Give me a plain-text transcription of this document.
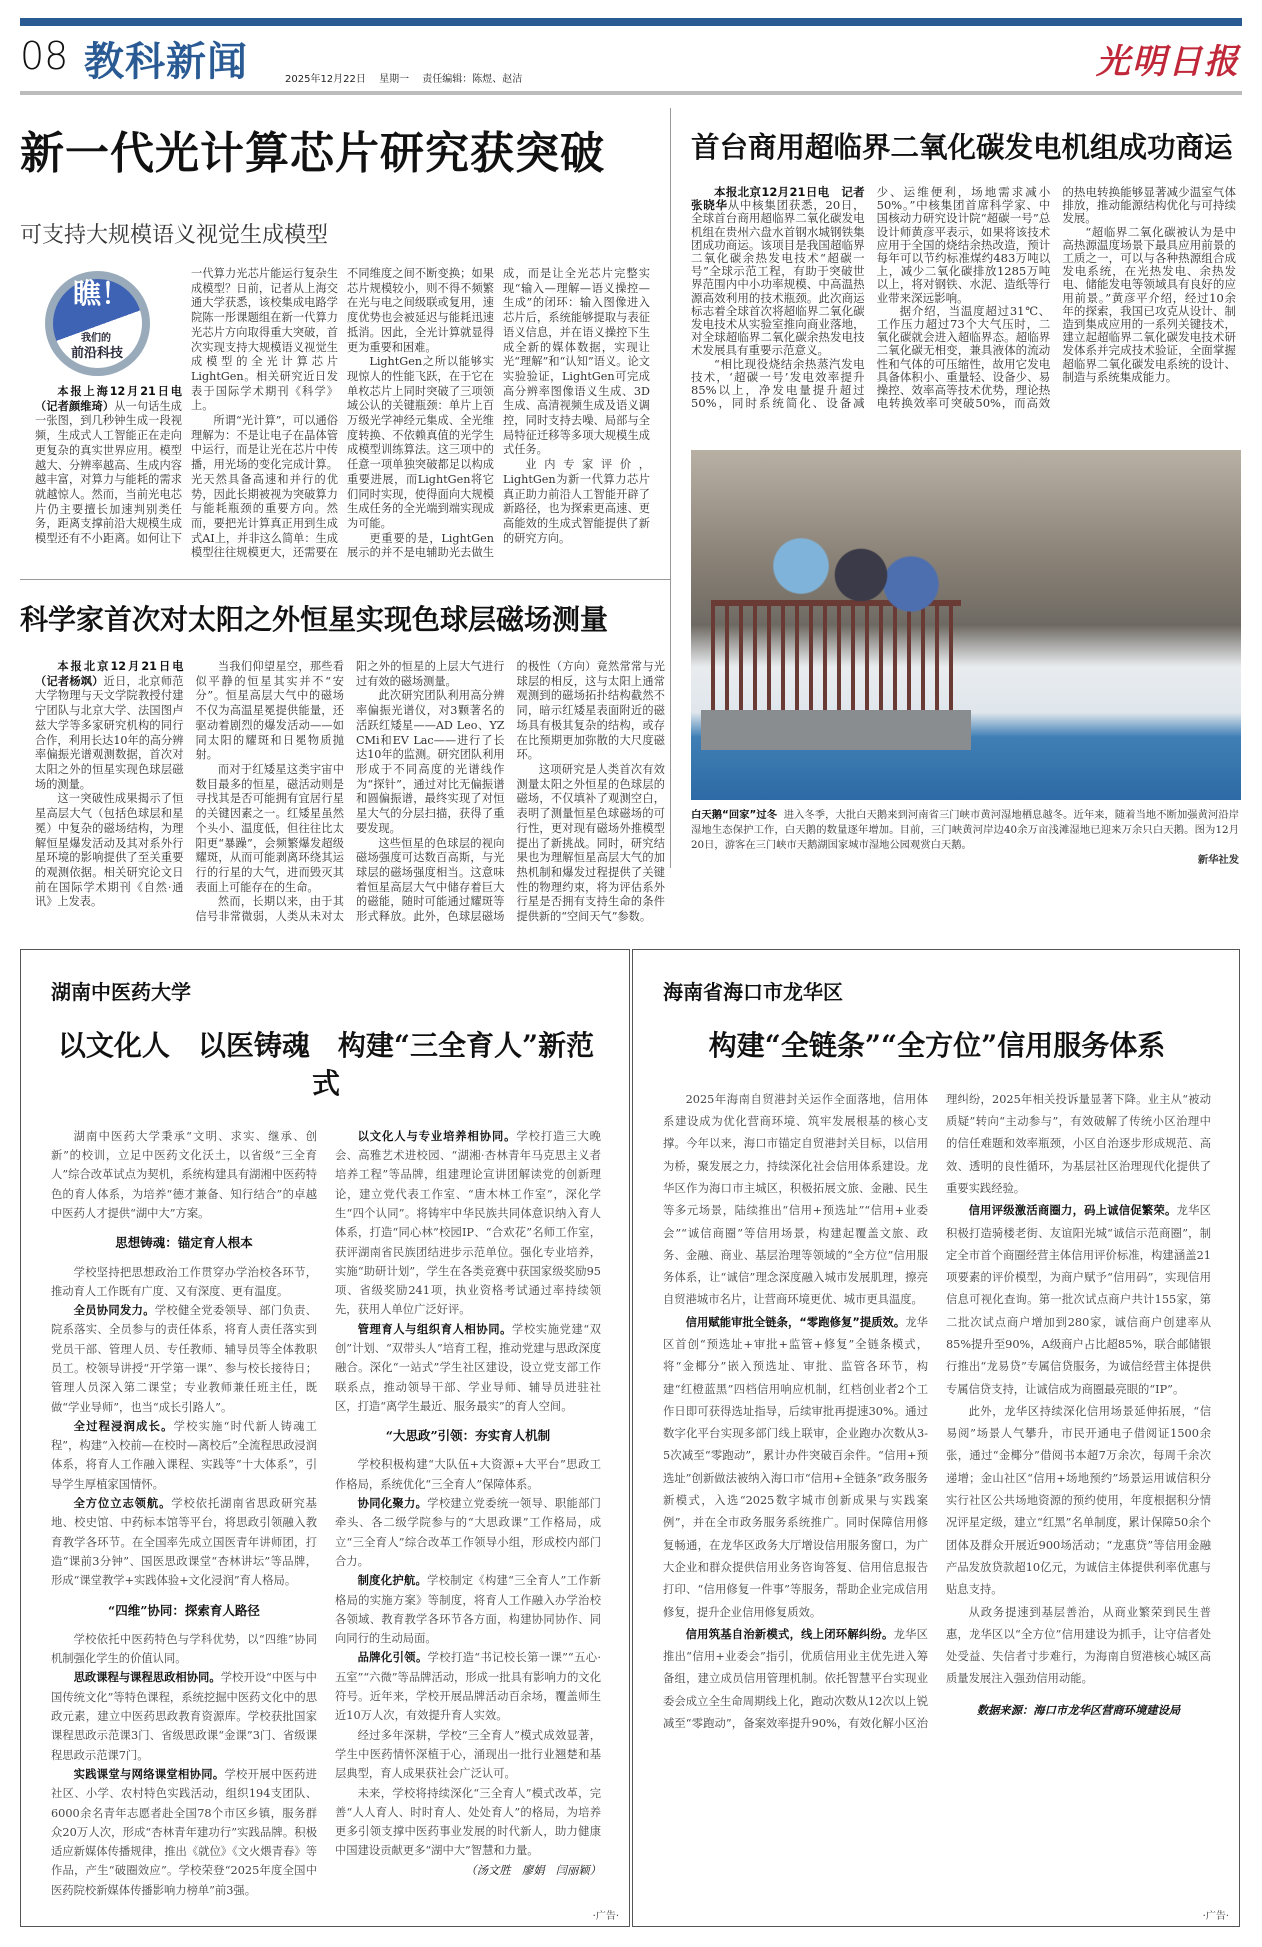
08 教科新闻	2025年12月22日 星期一 责任编辑：陈煜、赵洁	光明日报
新一代光计算芯片研究获突破
可支持大规模语义视觉生成模型
瞧！
我们的
前沿科技

本报上海12月21日电（记者颜维琦）从一句话生成一张图，到几秒钟生成一段视频，生成式人工智能正在走向更复杂的真实世界应用。模型越大、分辨率越高、生成内容越丰富，对算力与能耗的需求就越惊人。然而，当前光电芯片仍主要擅长加速判别类任务，距离支撑前沿大规模生成模型还有不小距离。如何让下一代算力光芯片能运行复杂生成模型？日前，记者从上海交通大学获悉，该校集成电路学院陈一彤课题组在新一代算力光芯片方向取得重大突破，首次实现支持大规模语义视觉生成模型的全光计算芯片LightGen。相关研究近日发表于国际学术期刊《科学》上。

所谓“光计算”，可以通俗理解为：不是让电子在晶体管中运行，而是让光在芯片中传播，用光场的变化完成计算。光天然具备高速和并行的优势，因此长期被视为突破算力与能耗瓶颈的重要方向。然而，要把光计算真正用到生成式AI上，并非这么简单：生成模型往往规模更大，还需要在不同维度之间不断变换；如果芯片规模较小，则不得不频繁在光与电之间级联或复用，速度优势也会被延迟与能耗迅速抵消。因此，全光计算就显得更为重要和困难。

LightGen之所以能够实现惊人的性能飞跃，在于它在单枚芯片上同时突破了三项领域公认的关键瓶颈：单片上百万级光学神经元集成、全光维度转换、不依赖真值的光学生成模型训练算法。这三项中的任意一项单独突破都足以构成重要进展，而LightGen将它们同时实现，使得面向大规模生成任务的全光端到端实现成为可能。

更重要的是，LightGen展示的并不是电辅助光去做生成，而是让全光芯片完整实现“输入—理解—语义操控—生成”的闭环：输入图像进入芯片后，系统能够提取与表征语义信息，并在语义操控下生成全新的媒体数据，实现让光“理解”和“认知”语义。论文实验验证，LightGen可完成高分辨率图像语义生成、3D生成、高清视频生成及语义调控，同时支持去噪、局部与全局特征迁移等多项大规模生成式任务。

业内专家评价，LightGen为新一代算力芯片真正助力前沿人工智能开辟了新路径，也为探索更高速、更高能效的生成式智能提供了新的研究方向。

科学家首次对太阳之外恒星实现色球层磁场测量

本报北京12月21日电（记者杨飒）近日，北京师范大学物理与天文学院教授付建宁团队与北京大学、法国图卢兹大学等多家研究机构的同行合作，利用长达10年的高分辨率偏振光谱观测数据，首次对太阳之外的恒星实现色球层磁场的测量。

这一突破性成果揭示了恒星高层大气（包括色球层和星冕）中复杂的磁场结构，为理解恒星爆发活动及其对系外行星环境的影响提供了至关重要的观测依据。相关研究论文日前在国际学术期刊《自然·通讯》上发表。

当我们仰望星空，那些看似平静的恒星其实并不“安分”。恒星高层大气中的磁场不仅为高温星冕提供能量，还驱动着剧烈的爆发活动——如同太阳的耀斑和日冕物质抛射。

而对于红矮星这类宇宙中数目最多的恒星，磁活动则是寻找其是否可能拥有宜居行星的关键因素之一。红矮星虽然个头小、温度低，但往往比太阳更“暴躁”，会频繁爆发超级耀斑，从而可能剥离环绕其运行的行星的大气，进而毁灭其表面上可能存在的生命。

然而，长期以来，由于其信号非常微弱，人类从未对太阳之外的恒星的上层大气进行过有效的磁场测量。

此次研究团队利用高分辨率偏振光谱仪，对3颗著名的活跃红矮星——AD Leo、YZ CMi和EV Lac——进行了长达10年的监测。研究团队利用形成于不同高度的光谱线作为“探针”，通过对比无偏振谱和圆偏振谱，最终实现了对恒星大气的分层扫描，获得了重要发现。

这些恒星的色球层的视向磁场强度可达数百高斯，与光球层的磁场强度相当。这意味着恒星高层大气中储存着巨大的磁能，随时可能通过耀斑等形式释放。此外，色球层磁场的极性（方向）竟然常常与光球层的相反，这与太阳上通常观测到的磁场拓扑结构截然不同，暗示红矮星表面附近的磁场具有极其复杂的结构，或存在比预期更加弥散的大尺度磁环。

这项研究是人类首次有效测量太阳之外恒星的色球层的磁场，不仅填补了观测空白，表明了测量恒星色球磁场的可行性，更对现有磁场外推模型提出了新挑战。同时，研究结果也为理解恒星高层大气的加热机制和爆发过程提供了关键性的物理约束，将为评估系外行星是否拥有支持生命的条件提供新的“空间天气”参数。

首台商用超临界二氧化碳发电机组成功商运

本报北京12月21日电　记者张晓华从中核集团获悉，20日，全球首台商用超临界二氧化碳发电机组在贵州六盘水首钢水城钢铁集团成功商运。该项目是我国超临界二氧化碳余热发电技术“超碳一号”全球示范工程，有助于突破世界范围内中小功率规模、中高温热源高效利用的技术瓶颈。此次商运标志着全球首次将超临界二氧化碳发电技术从实验室推向商业落地，对全球超临界二氧化碳余热发电技术发展具有重要示范意义。

“相比现役烧结余热蒸汽发电技术，‘超碳一号’发电效率提升85%以上，净发电量提升超过50%，同时系统简化、设备减少、运维便利，场地需求减小50%。”中核集团首席科学家、中国核动力研究设计院“超碳一号”总设计师黄彦平表示，如果将该技术应用于全国的烧结余热改造，预计每年可以节约标准煤约483万吨以上，减少二氧化碳排放1285万吨以上，将对钢铁、水泥、造纸等行业带来深远影响。

据介绍，当温度超过31℃、工作压力超过73个大气压时，二氧化碳就会进入超临界态。超临界二氧化碳无相变，兼具液体的流动性和气体的可压缩性，故用它发电具备体积小、重量轻、设备少、易操控、效率高等技术优势，理论热电转换效率可突破50%，而高效的热电转换能够显著减少温室气体排放，推动能源结构优化与可持续发展。

“超临界二氧化碳被认为是中高热源温度场景下最具应用前景的工质之一，可以与各种热源组合成发电系统，在光热发电、余热发电、储能发电等领域具有良好的应用前景。”黄彦平介绍，经过10余年的探索，我国已攻克从设计、制造到集成应用的一系列关键技术，建立起超临界二氧化碳发电技术研发体系并完成技术验证，全面掌握超临界二氧化碳发电系统的设计、制造与系统集成能力。

白天鹅“回家”过冬 进入冬季，大批白天鹅来到河南省三门峡市黄河湿地栖息越冬。近年来，随着当地不断加强黄河沿岸湿地生态保护工作，白天鹅的数量逐年增加。目前，三门峡黄河岸边40余万亩浅滩湿地已迎来万余只白天鹅。图为12月20日，游客在三门峡市天鹅湖国家城市湿地公园观赏白天鹅。
新华社发
湖南中医药大学
以文化人　以医铸魂　构建“三全育人”新范式

湖南中医药大学秉承“文明、求实、继承、创新”的校训，立足中医药文化沃土，以省级“三全育人”综合改革试点为契机，系统构建具有湖湘中医药特色的育人体系，为培养“德才兼备、知行结合”的卓越中医药人才提供“湖中大”方案。

思想铸魂：锚定育人根本

学校坚持把思想政治工作贯穿办学治校各环节，推动育人工作既有广度、又有深度、更有温度。

全员协同发力。学校健全党委领导、部门负责、院系落实、全员参与的责任体系，将育人责任落实到党员干部、管理人员、专任教师、辅导员等全体教职员工。校领导讲授“开学第一课”、参与校长接待日；管理人员深入第二课堂；专业教师兼任班主任，既做“学业导师”，也当“成长引路人”。

全过程浸润成长。学校实施“时代新人铸魂工程”，构建“入校前—在校时—离校后”全流程思政浸润体系，将育人工作融入课程、实践等“十大体系”，引导学生厚植家国情怀。

全方位立志领航。学校依托湖南省思政研究基地、校史馆、中药标本馆等平台，将思政引领融入教育教学各环节。在全国率先成立国医青年讲师团，打造“课前3分钟”、国医思政课堂“杏林讲坛”等品牌，形成“课堂教学+实践体验+文化浸润”育人格局。

“四维”协同：探索育人路径

学校依托中医药特色与学科优势，以“四维”协同机制强化学生的价值认同。

思政课程与课程思政相协同。学校开设“中医与中国传统文化”等特色课程，系统挖掘中医药文化中的思政元素，建立中医药思政教育资源库。学校获批国家课程思政示范课3门、省级思政课“金课”3门、省级课程思政示范课7门。

实践课堂与网络课堂相协同。学校开展中医药进社区、小学、农村特色实践活动，组织194支团队、6000余名青年志愿者赴全国78个市区乡镇，服务群众20万人次，形成“杏林青年建功行”实践品牌。积极适应新媒体传播规律，推出《就位》《文火煨青春》等作品，产生“破圈效应”。学校荣登“2025年度全国中医药院校新媒体传播影响力榜单”前3强。

以文化人与专业培养相协同。学校打造三大晚会、高雅艺术进校园、“湖湘·杏林青年马克思主义者培养工程”等品牌，组建理论宣讲团解读党的创新理论，建立党代表工作室、“唐木林工作室”，深化学生“四个认同”。将铸牢中华民族共同体意识纳入育人体系，打造“同心林”校园IP、“合欢花”名师工作室，获评湖南省民族团结进步示范单位。强化专业培养，实施“助研计划”，学生在各类竞赛中获国家级奖励95项、省级奖励241项，执业资格考试通过率持续领先，获用人单位广泛好评。

管理育人与组织育人相协同。学校实施党建“双创”计划、“双带头人”培育工程，推动党建与思政深度融合。深化“一站式”学生社区建设，设立党支部工作联系点，推动领导干部、学业导师、辅导员进驻社区，打造“离学生最近、服务最实”的育人空间。

“大思政”引领：夯实育人机制

学校积极构建“大队伍+大资源+大平台”思政工作格局，系统优化“三全育人”保障体系。

协同化聚力。学校建立党委统一领导、职能部门牵头、各二级学院参与的“大思政课”工作格局，成立“三全育人”综合改革工作领导小组，形成校内部门合力。

制度化护航。学校制定《构建“三全育人”工作新格局的实施方案》等制度，将育人工作融入办学治校各领域、教育教学各环节各方面，构建协同协作、同向同行的生动局面。

品牌化引领。学校打造“书记校长第一课”“五心·五室”“六微”等品牌活动，形成一批具有影响力的文化符号。近年来，学校开展品牌活动百余场，覆盖师生近10万人次，有效提升育人实效。

经过多年深耕，学校“三全育人”模式成效显著，学生中医药情怀深植于心，涌现出一批行业翘楚和基层典型，育人成果获社会广泛认可。

未来，学校将持续深化“三全育人”模式改革，完善“人人育人、时时育人、处处育人”的格局，为培养更多引领支撑中医药事业发展的时代新人，助力健康中国建设贡献更多“湖中大”智慧和力量。

（汤文胜　廖娟　闫丽颖）

·广告·
海南省海口市龙华区
构建“全链条”“全方位”信用服务体系

2025年海南自贸港封关运作全面落地，信用体系建设成为优化营商环境、筑牢发展根基的核心支撑。今年以来，海口市锚定自贸港封关目标，以信用为桥，聚发展之力，持续深化社会信用体系建设。龙华区作为海口市主城区，积极拓展文旅、金融、民生等多元场景，陆续推出“信用+预选址”“信用+业委会”“诚信商圈”等信用场景，构建起覆盖文旅、政务、金融、商业、基层治理等领域的“全方位”信用服务体系，让“诚信”理念深度融入城市发展肌理，擦亮自贸港城市名片，让营商环境更优、城市更具温度。

信用赋能审批全链条，“零跑修复”提质效。龙华区首创“预选址+审批+监管+修复”全链条模式，将“金椰分”嵌入预选址、审批、监管各环节，构建“红橙蓝黑”四档信用响应机制，红档创业者2个工作日即可获得选址指导，后续审批再提速30%。通过数字化平台实现多部门线上联审，企业跑办次数从3-5次减至“零跑动”，累计办件突破百余件。“信用+预选址”创新做法被纳入海口市“信用+全链条”政务服务新模式，入选“2025数字城市创新成果与实践案例”，并在全市政务服务系统推广。同时保障信用修复畅通，在龙华区政务大厅增设信用服务窗口，为广大企业和群众提供信用业务咨询答复、信用信息报告打印、“信用修复一件事”等服务，帮助企业完成信用修复，提升企业信用修复质效。

信用筑基自治新模式，线上闭环解纠纷。龙华区推出“信用+业委会”指引，优质信用业主优先进入筹备组，建立成员信用管理机制。依托智慧平台实现业委会成立全生命周期线上化，跑动次数从12次以上锐减至“零跑动”，备案效率提升90%，有效化解小区治理纠纷，2025年相关投诉量显著下降。业主从“被动质疑”转向“主动参与”，有效破解了传统小区治理中的信任难题和效率瓶颈，小区自治逐步形成规范、高效、透明的良性循环，为基层社区治理现代化提供了重要实践经验。

信用评级激活商圈力，码上诚信促繁荣。龙华区积极打造骑楼老街、友谊阳光城“诚信示范商圈”，制定全市首个商圈经营主体信用评价标准，构建涵盖21项要素的评价模型，为商户赋予“信用码”，实现信用信息可视化查询。第一批次试点商户共计155家，第二批次试点商户增加到280家，诚信商户创建率从85%提升至90%，A级商户占比超85%，联合邮储银行推出“龙易贷”专属信贷服务，为诚信经营主体提供专属信贷支持，让诚信成为商圈最亮眼的“IP”。

此外，龙华区持续深化信用场景延伸拓展，“信易阅”场景人气攀升，市民开通电子借阅证1500余张，通过“金椰分”借阅书本超7万余次，每周千余次递增；金山社区“信用+场地预约”场景运用诚信积分实行社区公共场地资源的预约使用，年度根据积分情况评星定级，建立“红黑”名单制度，累计保障50余个团体及群众开展近900场活动；“龙惠贷”等信用金融产品发放贷款超10亿元，为诚信主体提供利率优惠与贴息支持。

从政务提速到基层善治，从商业繁荣到民生普惠，龙华区以“全方位”信用建设为抓手，让守信者处处受益、失信者寸步难行，为海南自贸港核心城区高质量发展注入强劲信用动能。

数据来源：海口市龙华区营商环境建设局

·广告·
